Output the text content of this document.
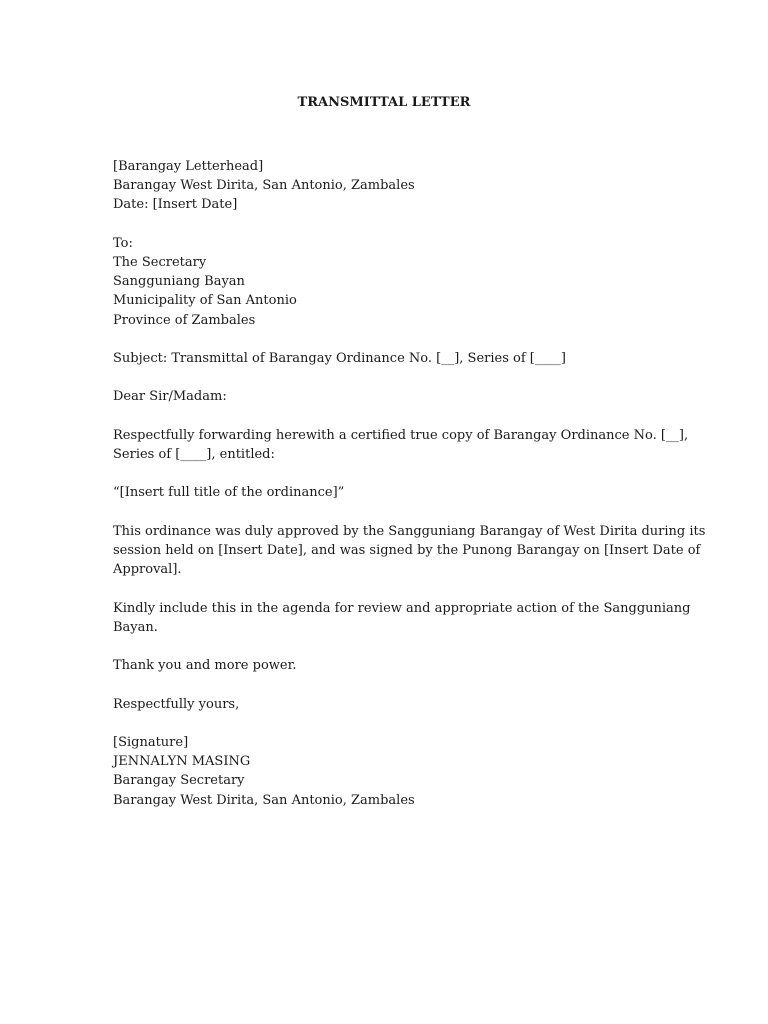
TRANSMITTAL LETTER
[Barangay Letterhead]
Barangay West Dirita, San Antonio, Zambales
Date: [Insert Date]
To:
The Secretary
Sangguniang Bayan
Municipality of San Antonio
Province of Zambales
Subject: Transmittal of Barangay Ordinance No. [__], Series of [____]
Dear Sir/Madam:
Respectfully forwarding herewith a certified true copy of Barangay Ordinance No. [__],
Series of [____], entitled:
“[Insert full title of the ordinance]”
This ordinance was duly approved by the Sangguniang Barangay of West Dirita during its
session held on [Insert Date], and was signed by the Punong Barangay on [Insert Date of
Approval].
Kindly include this in the agenda for review and appropriate action of the Sangguniang
Bayan.
Thank you and more power.
Respectfully yours,
[Signature]
JENNALYN MASING
Barangay Secretary
Barangay West Dirita, San Antonio, Zambales
